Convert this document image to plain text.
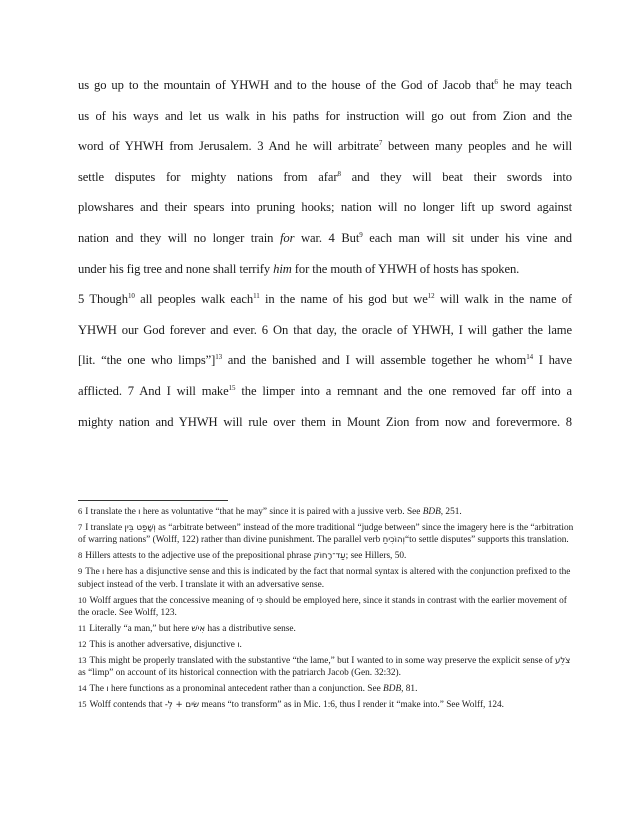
us go up to the mountain of YHWH and to the house of the God of Jacob that$^6$ he may teach
us of his ways and let us walk in his paths for instruction will go out from Zion and the
word of YHWH from Jerusalem. 3 And he will arbitrate$^7$ between many peoples and he will
settle disputes for mighty nations from afar$^8$ and they will beat their swords into
plowshares and their spears into pruning hooks; nation will no longer lift up sword against
nation and they will no longer train for war. 4 But$^9$ each man will sit under his vine and
under his fig tree and none shall terrify him for the mouth of YHWH of hosts has spoken.
5 Though$^{10}$ all peoples walk each$^{11}$ in the name of his god but $we^{12}$ will walk in the name of
YHWH our God forever and ever. 6 On that day, the oracle of YHWH, I will gather the lame
[lit. “the one who limps”]$^{13}$ and the banished and I will assemble together he whom$^{14}$ I have
afflicted. 7 And I will make$^{15}$ the limper into a remnant and the one removed far off into a
mighty nation and YHWH will rule over them in Mount Zion from now and forevermore. 8

6 I translate the ו here as voluntative “that he may” since it is paired with a jussive verb. See BDB, 251.

7 I translate וְשָׁפַט בֵּין as “arbitrate between” instead of the more traditional “judge between” since the imagery here is the “arbitration of warring nations” (Wolff, 122) rather than divine punishment. The parallel verb וְהוֹכִיחַ“to settle disputes” supports this translation.

8 Hillers attests to the adjective use of the prepositional phrase עַד־רָחוֹק; see Hillers, 50.

9 The ו here has a disjunctive sense and this is indicated by the fact that normal syntax is altered with the conjunction prefixed to the subject instead of the verb. I translate it with an adversative sense.

10 Wolff argues that the concessive meaning of כִּי should be employed here, since it stands in contrast with the earlier movement of the oracle. See Wolff, 123.

11 Literally “a man,” but here אִישׁ has a distributive sense.

12 This is another adversative, disjunctive ו.

13 This might be properly translated with the substantive “the lame,” but I wanted to in some way preserve the explicit sense of צֹלֵע as “limp” on account of its historical connection with the patriarch Jacob (Gen. 32:32).

14 The ו here functions as a pronominal antecedent rather than a conjunction. See BDB, 81.

15 Wolff contends that שׂים + לְ- means “to transform” as in Mic. 1:6, thus I render it “make into.” See Wolff, 124.
